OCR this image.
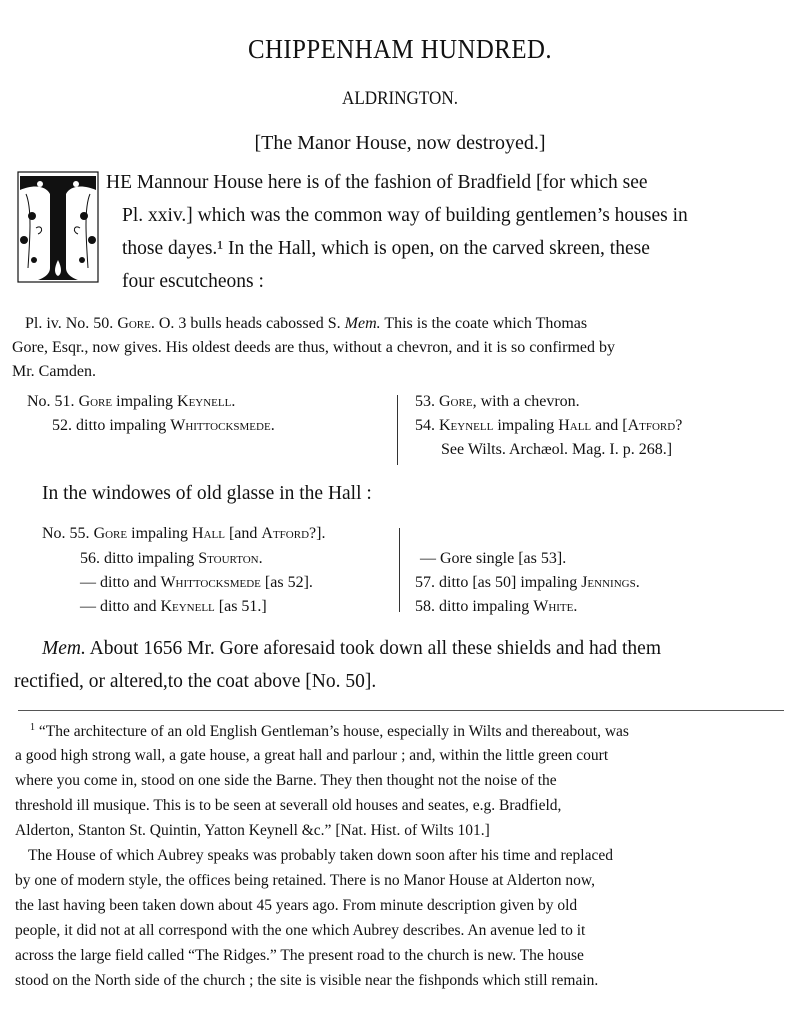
CHIPPENHAM HUNDRED.
ALDRINGTON.
[The Manor House, now destroyed.]
HE Mannour House here is of the fashion of Bradfield [for which see
Pl. xxiv.] which was the common way of building gentlemen’s houses in
those dayes.¹ In the Hall, which is open, on the carved skreen, these
four escutcheons :
Pl. iv. No. 50. Gore. O. 3 bulls heads cabossed S. Mem. This is the coate which Thomas
Gore, Esqr., now gives. His oldest deeds are thus, without a chevron, and it is so confirmed by
Mr. Camden.
No. 51. Gore impaling Keynell.
52. ditto impaling Whittocksmede.
53. Gore, with a chevron.
54. Keynell impaling Hall and [Atford?
See Wilts. Archæol. Mag. I. p. 268.]
In the windowes of old glasse in the Hall :
No. 55. Gore impaling Hall [and Atford?].
56. ditto impaling Stourton.
— ditto and Whittocksmede [as 52].
— ditto and Keynell [as 51.]
— Gore single [as 53].
57. ditto [as 50] impaling Jennings.
58. ditto impaling White.
Mem. About 1656 Mr. Gore aforesaid took down all these shields and had them
rectified, or altered,to the coat above [No. 50].
$^1$ “The architecture of an old English Gentleman’s house, especially in Wilts and thereabout, was
a good high strong wall, a gate house, a great hall and parlour ; and, within the little green court
where you come in, stood on one side the Barne. They then thought not the noise of the
threshold ill musique. This is to be seen at severall old houses and seates, e.g. Bradfield,
Alderton, Stanton St. Quintin, Yatton Keynell &c.” [Nat. Hist. of Wilts 101.]
The House of which Aubrey speaks was probably taken down soon after his time and replaced
by one of modern style, the offices being retained. There is no Manor House at Alderton now,
the last having been taken down about 45 years ago. From minute description given by old
people, it did not at all correspond with the one which Aubrey describes. An avenue led to it
across the large field called “The Ridges.” The present road to the church is new. The house
stood on the North side of the church ; the site is visible near the fishponds which still remain.
